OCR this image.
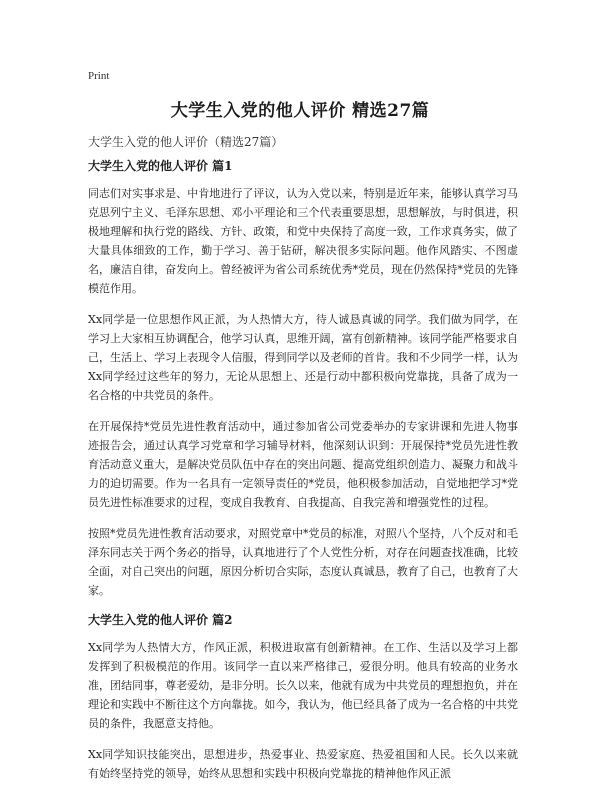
Print
大学生入党的他人评价 精选27篇
大学生入党的他人评价（精选27篇）
大学生入党的他人评价 篇1

同志们对实事求是、中肯地进行了评议，认为入党以来，特别是近年来，能够认真学习马克思列宁主义、毛泽东思想、邓小平理论和三个代表重要思想，思想解放，与时俱进，积极地理解和执行党的路线、方针、政策，和党中央保持了高度一致，工作求真务实，做了大量具体细致的工作，勤于学习、善于钻研，解决很多实际问题。他作风踏实、不图虚名，廉洁自律，奋发向上。曾经被评为省公司系统优秀*党员，现在仍然保持*党员的先锋模范作用。

Xx同学是一位思想作风正派，为人热情大方，待人诚恳真诚的同学。我们做为同学，在学习上大家相互协调配合，他学习认真，思维开阔，富有创新精神。该同学能严格要求自己，生活上、学习上表现令人信服，得到同学以及老师的首肯。我和不少同学一样，认为Xx同学经过这些年的努力，无论从思想上、还是行动中都积极向党靠拢，具备了成为一名合格的中共党员的条件。

在开展保持*党员先进性教育活动中，通过参加省公司党委举办的专家讲课和先进人物事迹报告会，通过认真学习党章和学习辅导材料，他深刻认识到：开展保持*党员先进性教育活动意义重大，是解决党员队伍中存在的突出问题、提高党组织创造力、凝聚力和战斗力的迫切需要。作为一名具有一定领导责任的*党员，他积极参加活动，自觉地把学习*党员先进性标准要求的过程，变成自我教育、自我提高、自我完善和增强党性的过程。

按照*党员先进性教育活动要求，对照党章中*党员的标准，对照八个坚持，八个反对和毛泽东同志关于两个务必的指导，认真地进行了个人党性分析，对存在问题查找准确，比较全面，对自己突出的问题，原因分析切合实际，态度认真诚恳，教育了自己，也教育了大家。

大学生入党的他人评价 篇2

Xx同学为人热情大方，作风正派，积极进取富有创新精神。在工作、生活以及学习上都发挥到了积极模范的作用。该同学一直以来严格律己，爱很分明。他具有较高的业务水准，团结同事，尊老爱幼，是非分明。长久以来，他就有成为中共党员的理想抱负，并在理论和实践中不断往这个方向靠拢。如今，我认为，他已经具备了成为一名合格的中共党员的条件，我愿意支持他。

Xx同学知识技能突出，思想进步，热爱事业、热爱家庭、热爱祖国和人民。长久以来就有始终坚持党的领导，始终从思想和实践中积极向党靠拢的精神他作风正派
